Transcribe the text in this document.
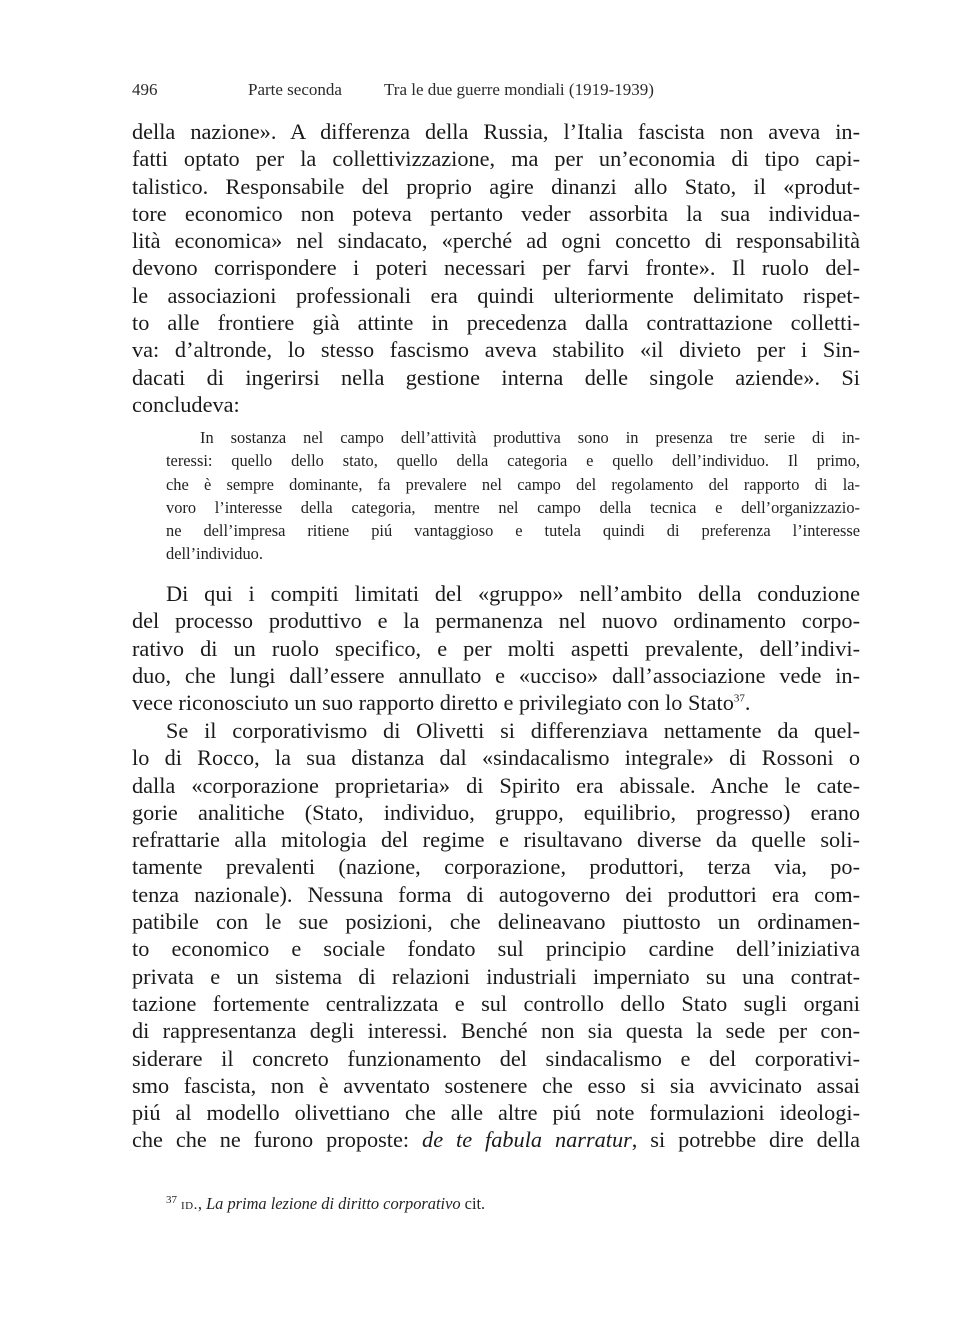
496	Parte seconda Tra le due guerre mondiali (1919-1939)
della nazione». A differenza della Russia, l’Italia fascista non aveva in-
fatti optato per la collettivizzazione, ma per un’economia di tipo capi-
talistico. Responsabile del proprio agire dinanzi allo Stato, il «produt-
tore economico non poteva pertanto veder assorbita la sua individua-
lità economica» nel sindacato, «perché ad ogni concetto di responsabilità
devono corrispondere i poteri necessari per farvi fronte». Il ruolo del-
le associazioni professionali era quindi ulteriormente delimitato rispet-
to alle frontiere già attinte in precedenza dalla contrattazione colletti-
va: d’altronde, lo stesso fascismo aveva stabilito «il divieto per i Sin-
dacati di ingerirsi nella gestione interna delle singole aziende». Si
concludeva:
In sostanza nel campo dell’attività produttiva sono in presenza tre serie di in-
teressi: quello dello stato, quello della categoria e quello dell’individuo. Il primo,
che è sempre dominante, fa prevalere nel campo del regolamento del rapporto di la-
voro l’interesse della categoria, mentre nel campo della tecnica e dell’organizzazio-
ne dell’impresa ritiene piú vantaggioso e tutela quindi di preferenza l’interesse
dell’individuo.
Di qui i compiti limitati del «gruppo» nell’ambito della conduzione
del processo produttivo e la permanenza nel nuovo ordinamento corpo-
rativo di un ruolo specifico, e per molti aspetti prevalente, dell’indivi-
duo, che lungi dall’essere annullato e «ucciso» dall’associazione vede in-
vece riconosciuto un suo rapporto diretto e privilegiato con lo Stato$^{37}$.
Se il corporativismo di Olivetti si differenziava nettamente da quel-
lo di Rocco, la sua distanza dal «sindacalismo integrale» di Rossoni o
dalla «corporazione proprietaria» di Spirito era abissale. Anche le cate-
gorie analitiche (Stato, individuo, gruppo, equilibrio, progresso) erano
refrattarie alla mitologia del regime e risultavano diverse da quelle soli-
tamente prevalenti (nazione, corporazione, produttori, terza via, po-
tenza nazionale). Nessuna forma di autogoverno dei produttori era com-
patibile con le sue posizioni, che delineavano piuttosto un ordinamen-
to economico e sociale fondato sul principio cardine dell’iniziativa
privata e un sistema di relazioni industriali imperniato su una contrat-
tazione fortemente centralizzata e sul controllo dello Stato sugli organi
di rappresentanza degli interessi. Benché non sia questa la sede per con-
siderare il concreto funzionamento del sindacalismo e del corporativi-
smo fascista, non è avventato sostenere che esso si sia avvicinato assai
piú al modello olivettiano che alle altre piú note formulazioni ideologi-
che che ne furono proposte: de te fabula narratur, si potrebbe dire della
$^{37}$ id., La prima lezione di diritto corporativo cit.
